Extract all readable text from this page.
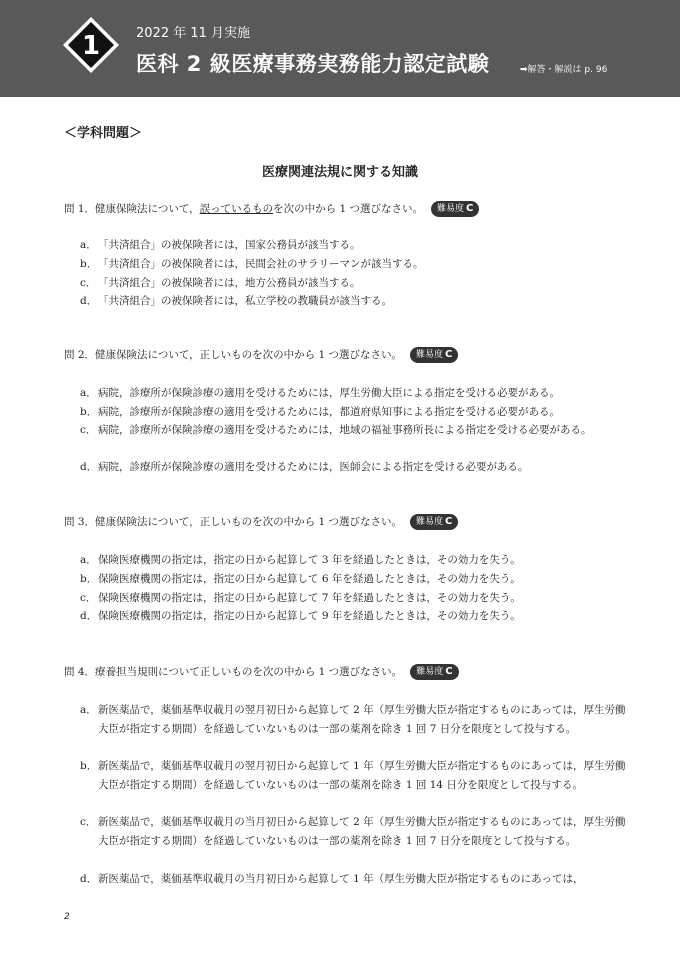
1	2022 年 11 月実施
医科 2 級医療事務実務能力認定試験	➡解答・解説は p. 96
＜学科問題＞
医療関連法規に関する知識
問 1．健康保険法について，誤っているものを次の中から 1 つ選びなさい。 難易度 C
a．「共済組合」の被保険者には，国家公務員が該当する。
b．「共済組合」の被保険者には，民間会社のサラリーマンが該当する。
c． 「共済組合」の被保険者には，地方公務員が該当する。
d．「共済組合」の被保険者には，私立学校の教職員が該当する。
問 2．健康保険法について，正しいものを次の中から 1 つ選びなさい。 難易度 C
a．病院，診療所が保険診療の適用を受けるためには，厚生労働大臣による指定を受ける必要がある。
b．病院，診療所が保険診療の適用を受けるためには，都道府県知事による指定を受ける必要がある。
c． 病院，診療所が保険診療の適用を受けるためには，地域の福祉事務所長による指定を受ける必要がある。
d．病院，診療所が保険診療の適用を受けるためには，医師会による指定を受ける必要がある。
問 3．健康保険法について，正しいものを次の中から 1 つ選びなさい。 難易度 C
a．保険医療機関の指定は，指定の日から起算して 3 年を経過したときは，その効力を失う。
b．保険医療機関の指定は，指定の日から起算して 6 年を経過したときは，その効力を失う。
c． 保険医療機関の指定は，指定の日から起算して 7 年を経過したときは，その効力を失う。
d．保険医療機関の指定は，指定の日から起算して 9 年を経過したときは，その効力を失う。
問 4．療養担当規則について正しいものを次の中から 1 つ選びなさい。 難易度 C
a．新医薬品で，薬価基準収載月の翌月初日から起算して 2 年（厚生労働大臣が指定するものにあっては，厚生労働大臣が指定する期間）を経過していないものは一部の薬剤を除き 1 回 7 日分を限度として投与する。
b．新医薬品で，薬価基準収載月の翌月初日から起算して 1 年（厚生労働大臣が指定するものにあっては，厚生労働大臣が指定する期間）を経過していないものは一部の薬剤を除き 1 回 14 日分を限度として投与する。
c． 新医薬品で，薬価基準収載月の当月初日から起算して 2 年（厚生労働大臣が指定するものにあっては，厚生労働大臣が指定する期間）を経過していないものは一部の薬剤を除き 1 回 7 日分を限度として投与する。
d．新医薬品で，薬価基準収載月の当月初日から起算して 1 年（厚生労働大臣が指定するものにあっては，
2
